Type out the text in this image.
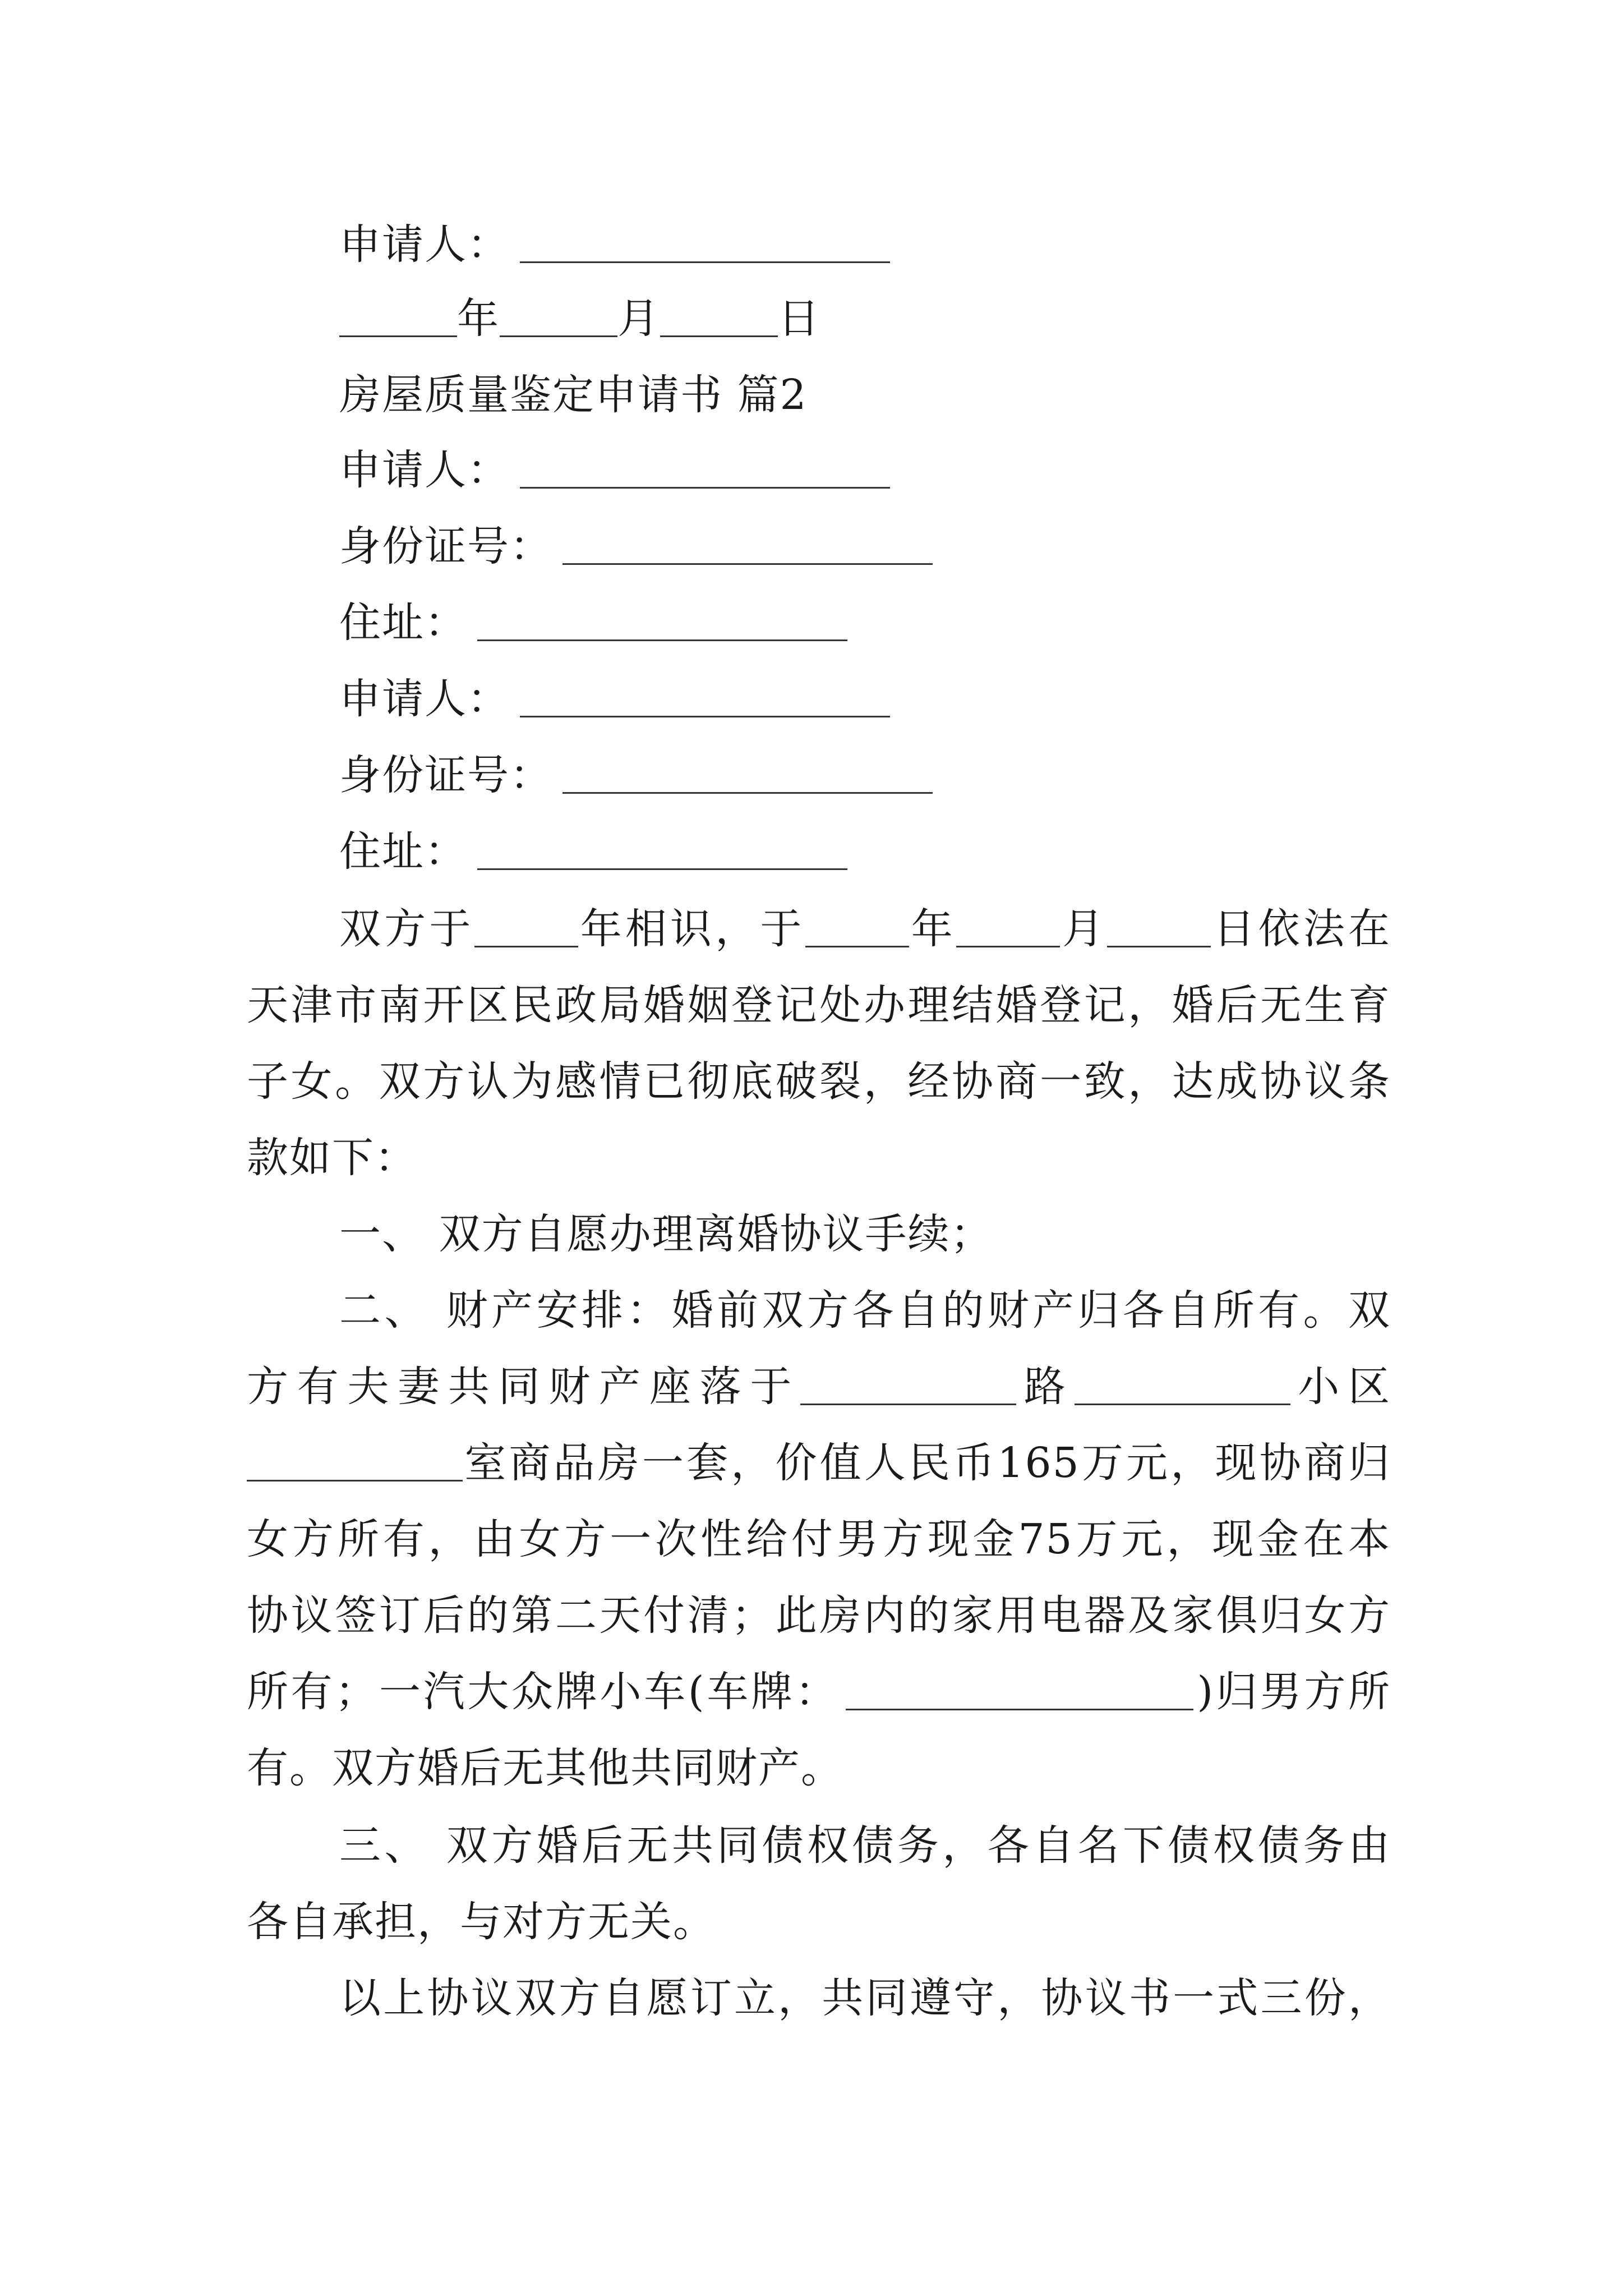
申请人：
年	月	日
房屋质量鉴定申请书 篇2
申请人：
身份证号：
住址：
申请人：
身份证号：
住址：
双方于	年相识，于	年	月	日依法在
天津市南开区民政局婚姻登记处办理结婚登记，婚后无生育
子女。双方认为感情已彻底破裂，经协商一致，达成协议条
款如下：
一、 双方自愿办理离婚协议手续；
二、 财产安排：婚前双方各自的财产归各自所有。双
方有夫妻共同财产座落于	路	小区
室商品房一套，价值人民币165万元，现协商归
女方所有，由女方一次性给付男方现金75万元，现金在本
协议签订后的第二天付清；此房内的家用电器及家俱归女方
所有；一汽大众牌小车(车牌：	)归男方所
有。双方婚后无其他共同财产。
三、 双方婚后无共同债权债务，各自名下债权债务由
各自承担，与对方无关。
以上协议双方自愿订立，共同遵守，协议书一式三份，
